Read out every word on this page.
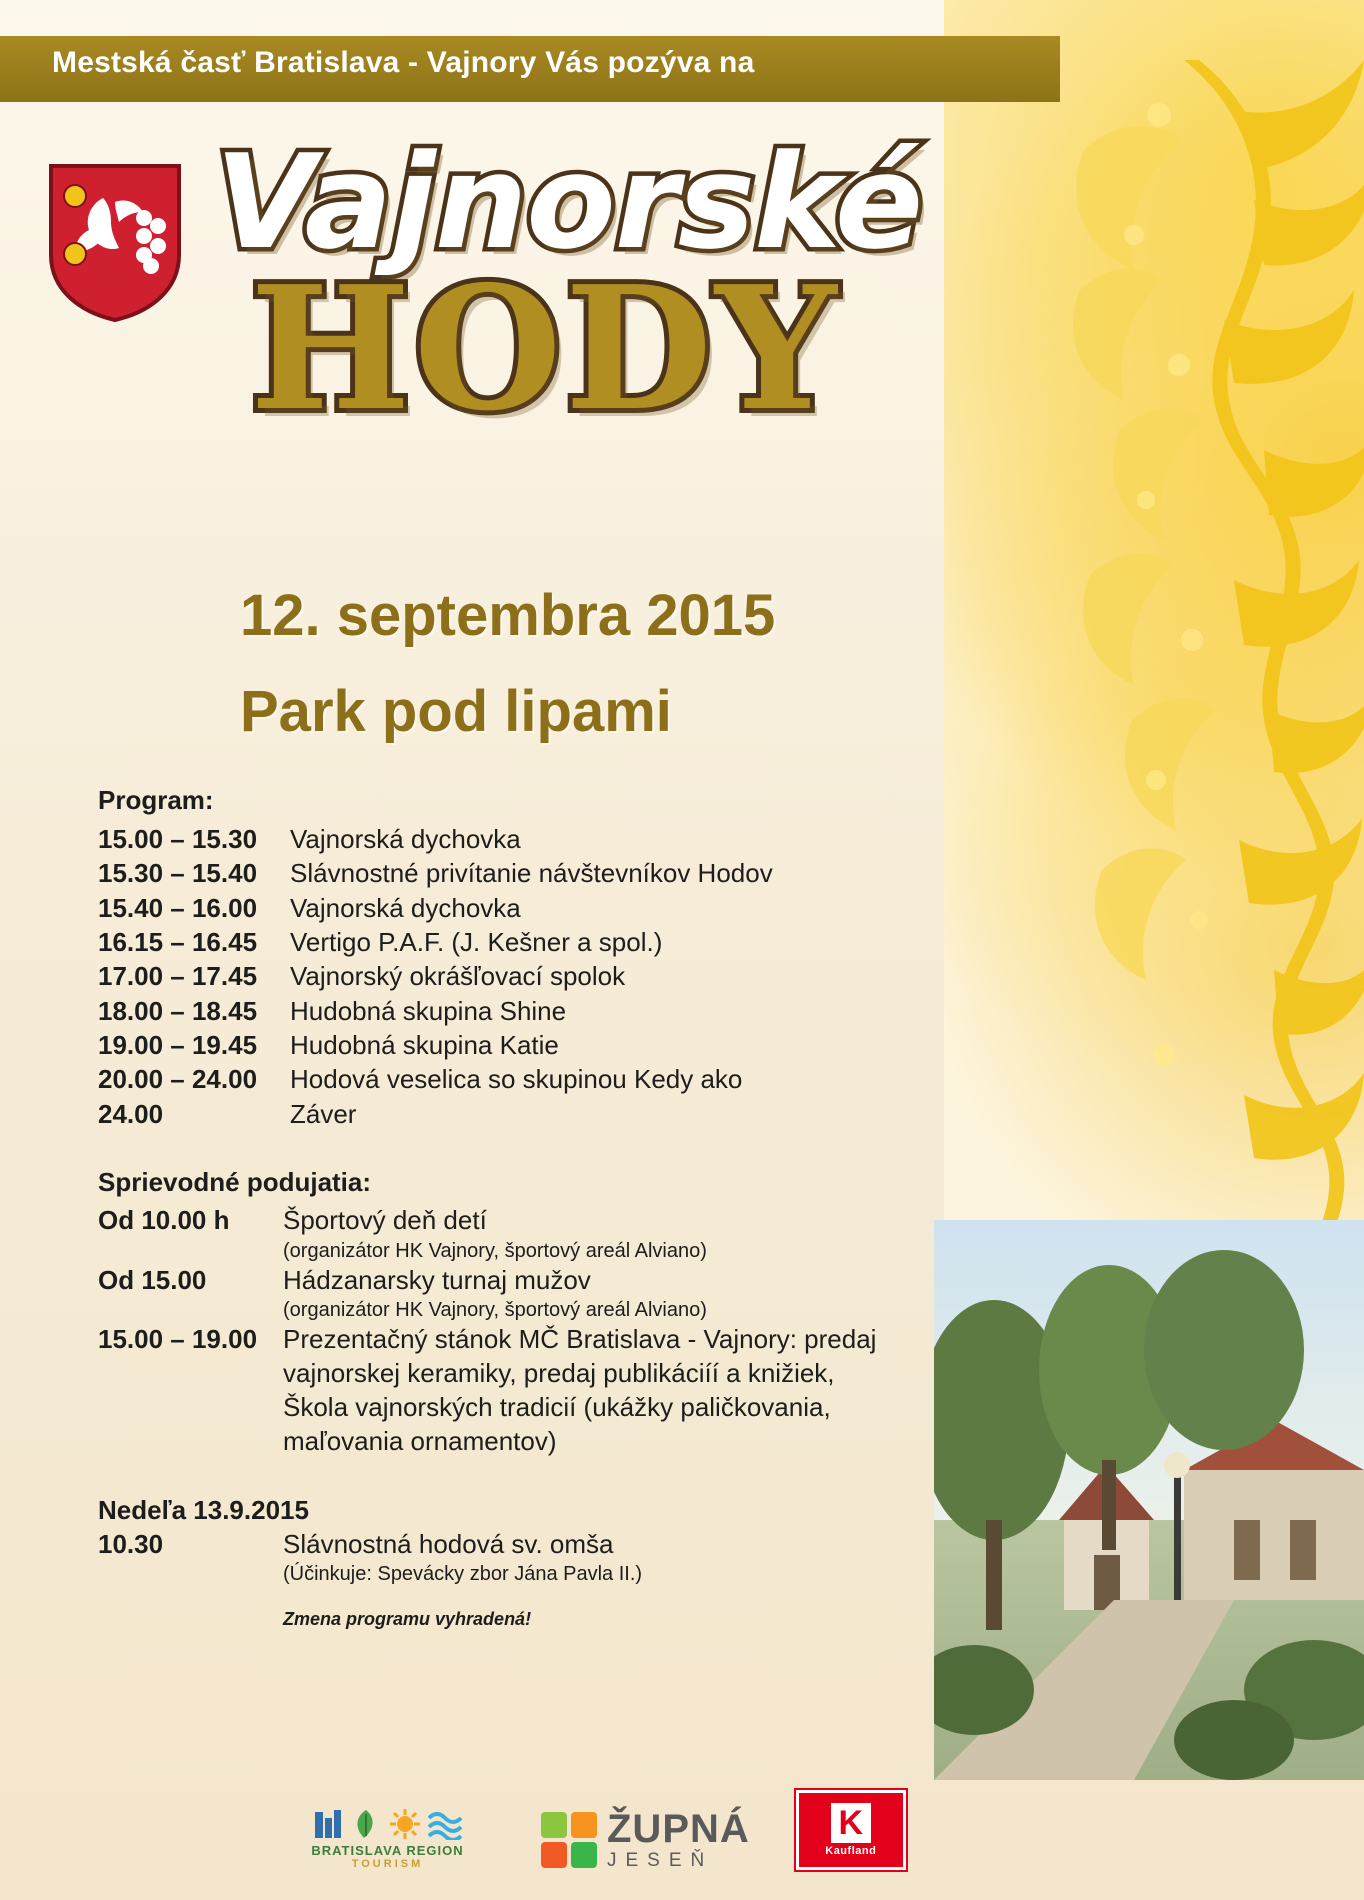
Mestská časť Bratislava - Vajnory Vás pozýva na
Vajnorské
HODY
12. septembra 2015
Park pod lipami
Program:
15.00 – 15.30 Vajnorská dychovka
15.30 – 15.40 Slávnostné privítanie návštevníkov Hodov
15.40 – 16.00 Vajnorská dychovka
16.15 – 16.45 Vertigo P.A.F. (J. Kešner a spol.)
17.00 – 17.45 Vajnorský okrášľovací spolok
18.00 – 18.45 Hudobná skupina Shine
19.00 – 19.45 Hudobná skupina Katie
20.00 – 24.00 Hodová veselica so skupinou Kedy ako
24.00	Záver
Sprievodné podujatia:
Od 10.00 h Športový deň detí
(organizátor HK Vajnory, športový areál Alviano)
Od 15.00	Hádzanarsky turnaj mužov
(organizátor HK Vajnory, športový areál Alviano)
15.00 – 19.00 Prezentačný stánok MČ Bratislava - Vajnory: predaj vajnorskej keramiky, predaj publikáciíí a knižiek, Škola vajnorských tradicií (ukážky paličkovania, maľovania ornamentov)
Nedeľa 13.9.2015
10.30	Slávnostná hodová sv. omša
(Účinkuje: Spevácky zbor Jána Pavla II.)
Zmena programu vyhradená!
BRATISLAVA REGION
TOURISM
ŽUPNÁ
JESEŇ
K
Kaufland
